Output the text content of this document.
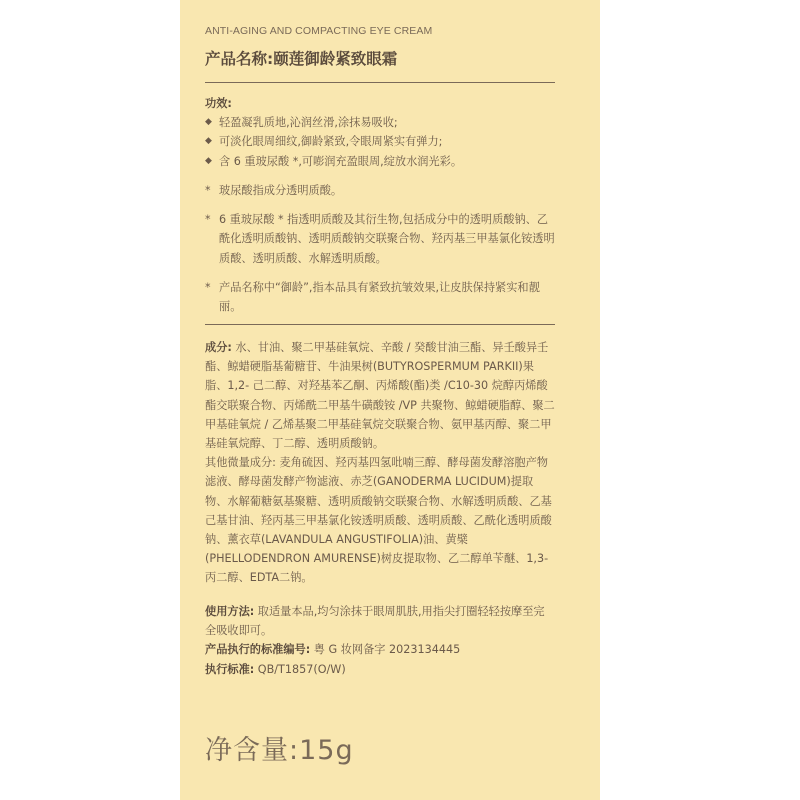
ANTI-AGING AND COMPACTING EYE CREAM
产品名称:颐莲御龄紧致眼霜
功效:
◆ 轻盈凝乳质地,沁润丝滑,涂抹易吸收;
◆ 可淡化眼周细纹,御龄紧致,令眼周紧实有弹力;
◆ 含 6 重玻尿酸 *,可嘭润充盈眼周,绽放水润光彩。
* 玻尿酸指成分透明质酸。
* 6 重玻尿酸 * 指透明质酸及其衍生物,包括成分中的透明质酸钠、乙酰化透明质酸钠、透明质酸钠交联聚合物、羟丙基三甲基氯化铵透明质酸、透明质酸、水解透明质酸。
* 产品名称中“御龄”,指本品具有紧致抗皱效果,让皮肤保持紧实和靓丽。

成分: 水、甘油、聚二甲基硅氧烷、辛酸 / 癸酸甘油三酯、异壬酸异壬酯、鲸蜡硬脂基葡糖苷、牛油果树(BUTYROSPERMUM PARKII)果脂、1,2- 己二醇、对羟基苯乙酮、丙烯酸(酯)类 /C10-30 烷醇丙烯酸酯交联聚合物、丙烯酰二甲基牛磺酸铵 /VP 共聚物、鲸蜡硬脂醇、聚二甲基硅氧烷 / 乙烯基聚二甲基硅氧烷交联聚合物、氨甲基丙醇、聚二甲基硅氧烷醇、丁二醇、透明质酸钠。

其他微量成分: 麦角硫因、羟丙基四氢吡喃三醇、酵母菌发酵溶胞产物滤液、酵母菌发酵产物滤液、赤芝(GANODERMA LUCIDUM)提取物、水解葡糖氨基聚糖、透明质酸钠交联聚合物、水解透明质酸、乙基己基甘油、羟丙基三甲基氯化铵透明质酸、透明质酸、乙酰化透明质酸钠、薰衣草(LAVANDULA ANGUSTIFOLIA)油、黄檗(PHELLODENDRON AMURENSE)树皮提取物、乙二醇单苄醚、1,3- 丙二醇、EDTA二钠。

使用方法: 取适量本品,均匀涂抹于眼周肌肤,用指尖打圈轻轻按摩至完全吸收即可。

产品执行的标准编号: 粤 G 妆网备字 2023134445

执行标准: QB/T1857(O/W)

净含量:15g
